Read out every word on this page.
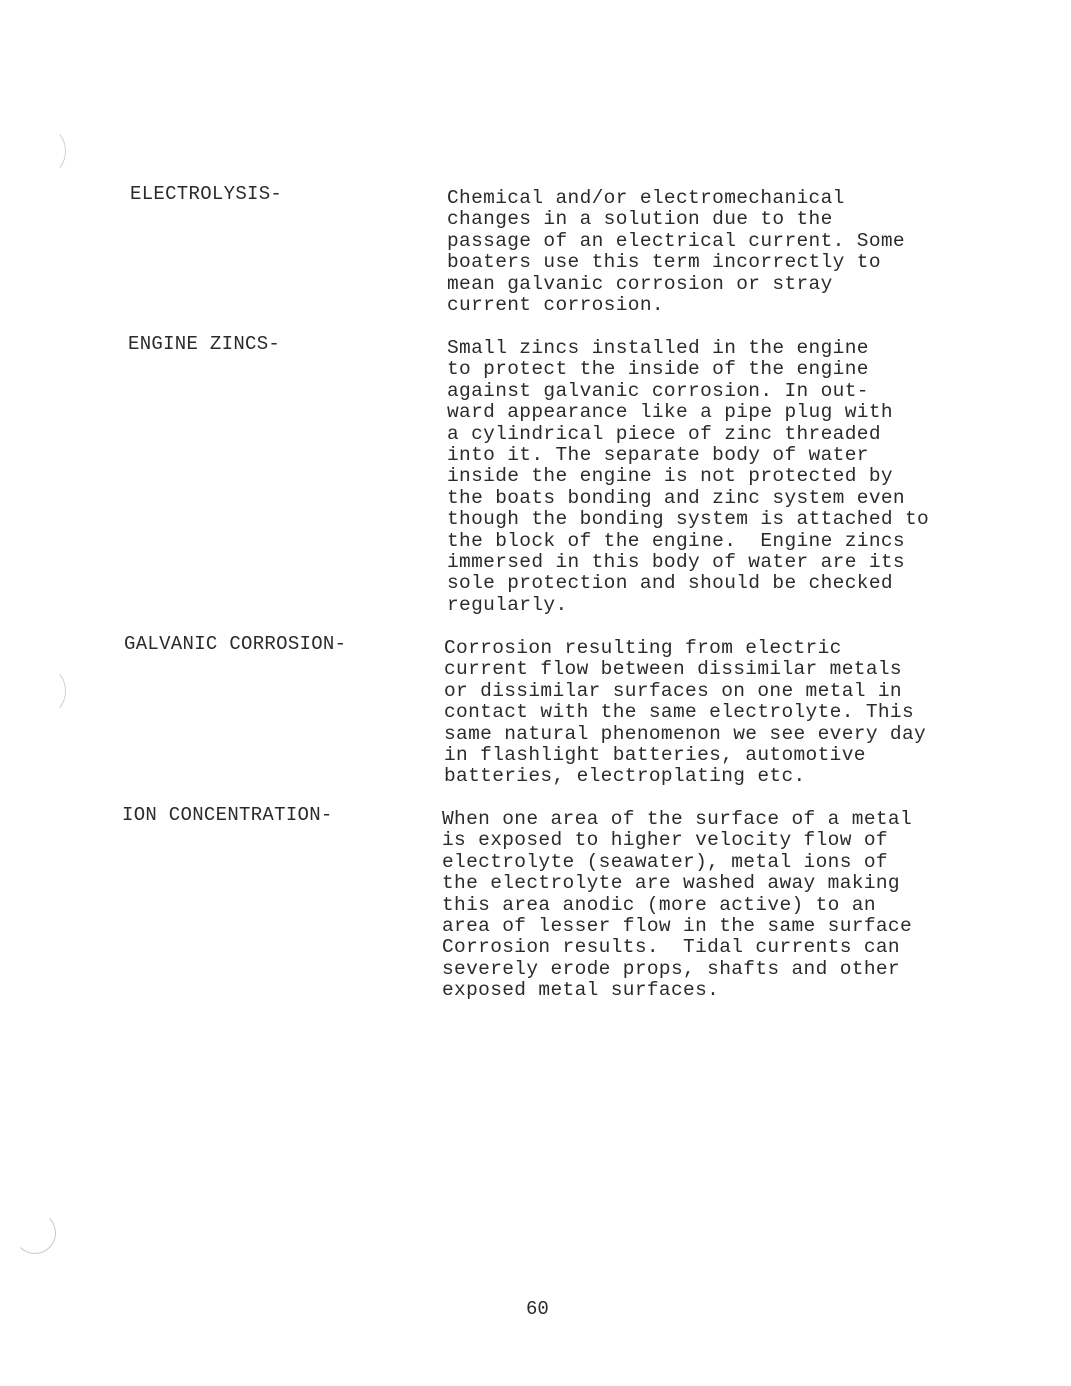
ELECTROLYSIS-	Chemical and/or electromechanical
changes in a solution due to the
passage of an electrical current. Some
boaters use this term incorrectly to
mean galvanic corrosion or stray
current corrosion.
ENGINE ZINCS-	Small zincs installed in the engine
to protect the inside of the engine
against galvanic corrosion. In out-
ward appearance like a pipe plug with
a cylindrical piece of zinc threaded
into it. The separate body of water
inside the engine is not protected by
the boats bonding and zinc system even
though the bonding system is attached to
the block of the engine.  Engine zincs
immersed in this body of water are its
sole protection and should be checked
regularly.
GALVANIC CORROSION-	Corrosion resulting from electric
current flow between dissimilar metals
or dissimilar surfaces on one metal in
contact with the same electrolyte. This
same natural phenomenon we see every day
in flashlight batteries, automotive
batteries, electroplating etc.
ION CONCENTRATION-	When one area of the surface of a metal
is exposed to higher velocity flow of
electrolyte (seawater), metal ions of
the electrolyte are washed away making
this area anodic (more active) to an
area of lesser flow in the same surface
Corrosion results.  Tidal currents can
severely erode props, shafts and other
exposed metal surfaces.
60
